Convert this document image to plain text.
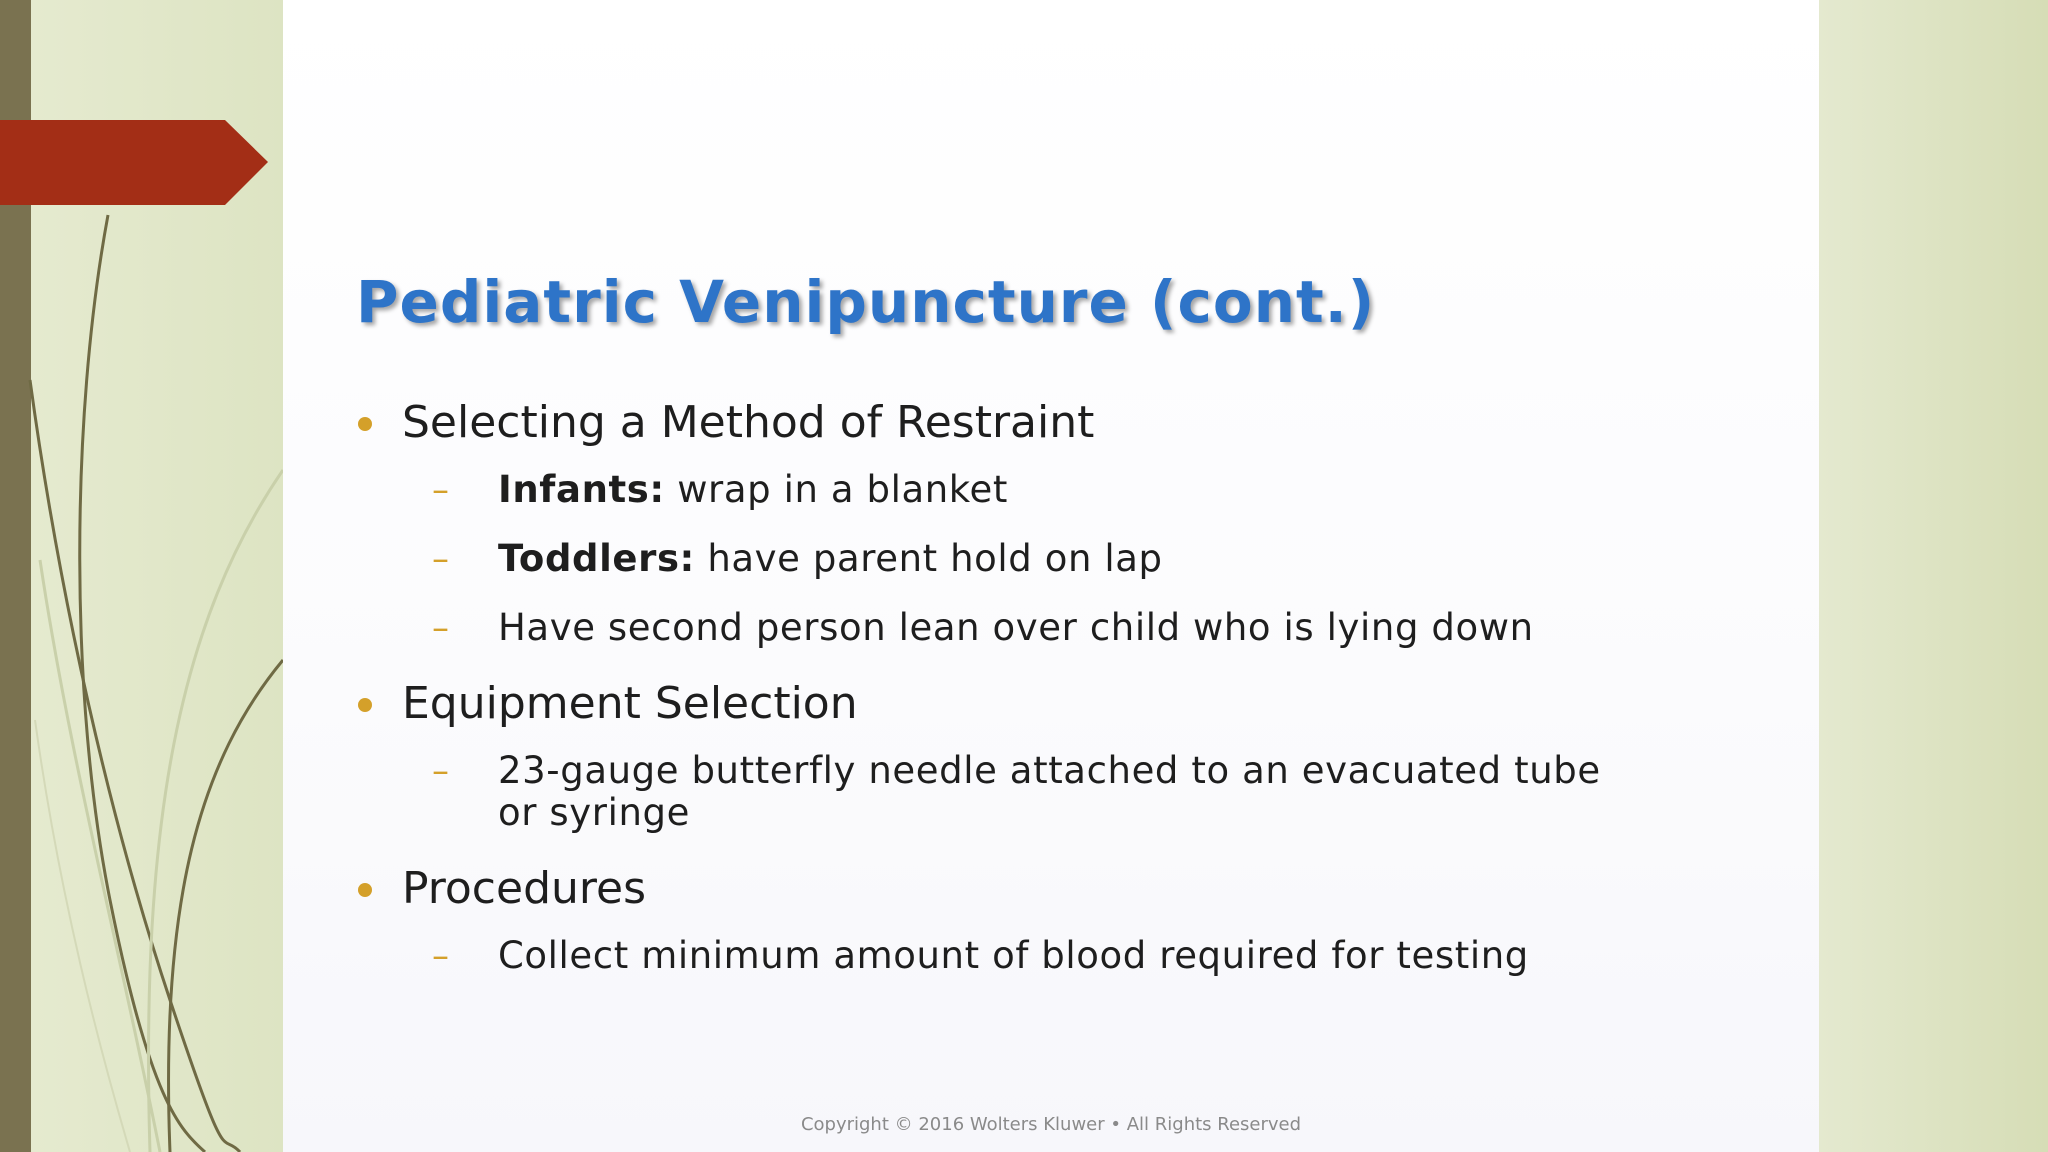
Pediatric Venipuncture (cont.)
Selecting a Method of Restraint
– Infants: wrap in a blanket
– Toddlers: have parent hold on lap
– Have second person lean over child who is lying down
Equipment Selection
– 23-gauge butterfly needle attached to an evacuated tube or syringe
Procedures
– Collect minimum amount of blood required for testing
Copyright © 2016 Wolters Kluwer • All Rights Reserved
